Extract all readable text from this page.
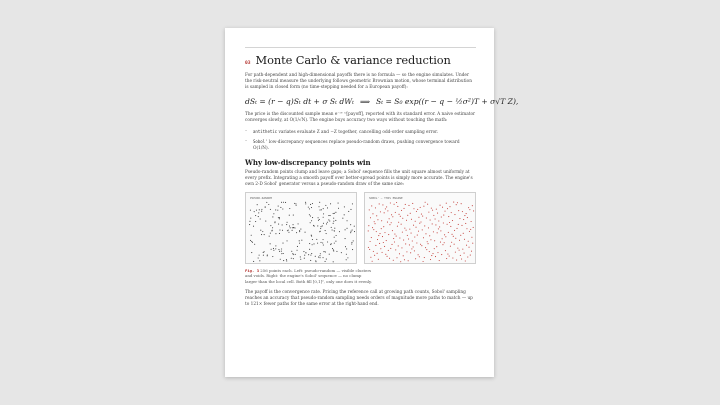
03 Monte Carlo & variance reduction

For path-dependent and high-dimensional payoffs there is no formula — so the engine simulates. Under the risk-neutral measure the underlying follows geometric Brownian motion, whose terminal distribution is sampled in closed form (no time-stepping needed for a European payoff):

dSₜ = (r − q)Sₜ dt + σ Sₜ dWₜ ⟹ Sₜ = S₀ exp((r − q − ½σ²)T + σ√T Z),

The price is the discounted sample mean e⁻ʳᵀ ᴼ[payoff], reported with its standard error. A naive estimator converges slowly, at O(1/√N). The engine buys accuracy two ways without touching the math:

– antithetic variates evaluate Z and −Z together, cancelling odd-order sampling error.
– Sobol' low-discrepancy sequences replace pseudo-random draws, pushing convergence toward O(1/N).
Why low-discrepancy points win

Pseudo-random points clump and leave gaps; a Sobol' sequence fills the unit square almost uniformly at every prefix. Integrating a smooth payoff over better-spread points is simply more accurate. The engine's own 2-D Sobol' generator versus a pseudo-random draw of the same size:

PSEUDO-RANDOM	SOBOL' — THIS ENGINE
Fig. 3 256 points each. Left: pseudo-random — visible clusters and voids. Right: the engine's Sobol' sequence — no clump larger than the local cell. Both fill [0,1]², only one does it evenly.

The payoff is the convergence rate. Pricing the reference call at growing path counts, Sobol' sampling reaches an accuracy that pseudo-random sampling needs orders of magnitude more paths to match — up to 121× fewer paths for the same error at the right-hand end.
